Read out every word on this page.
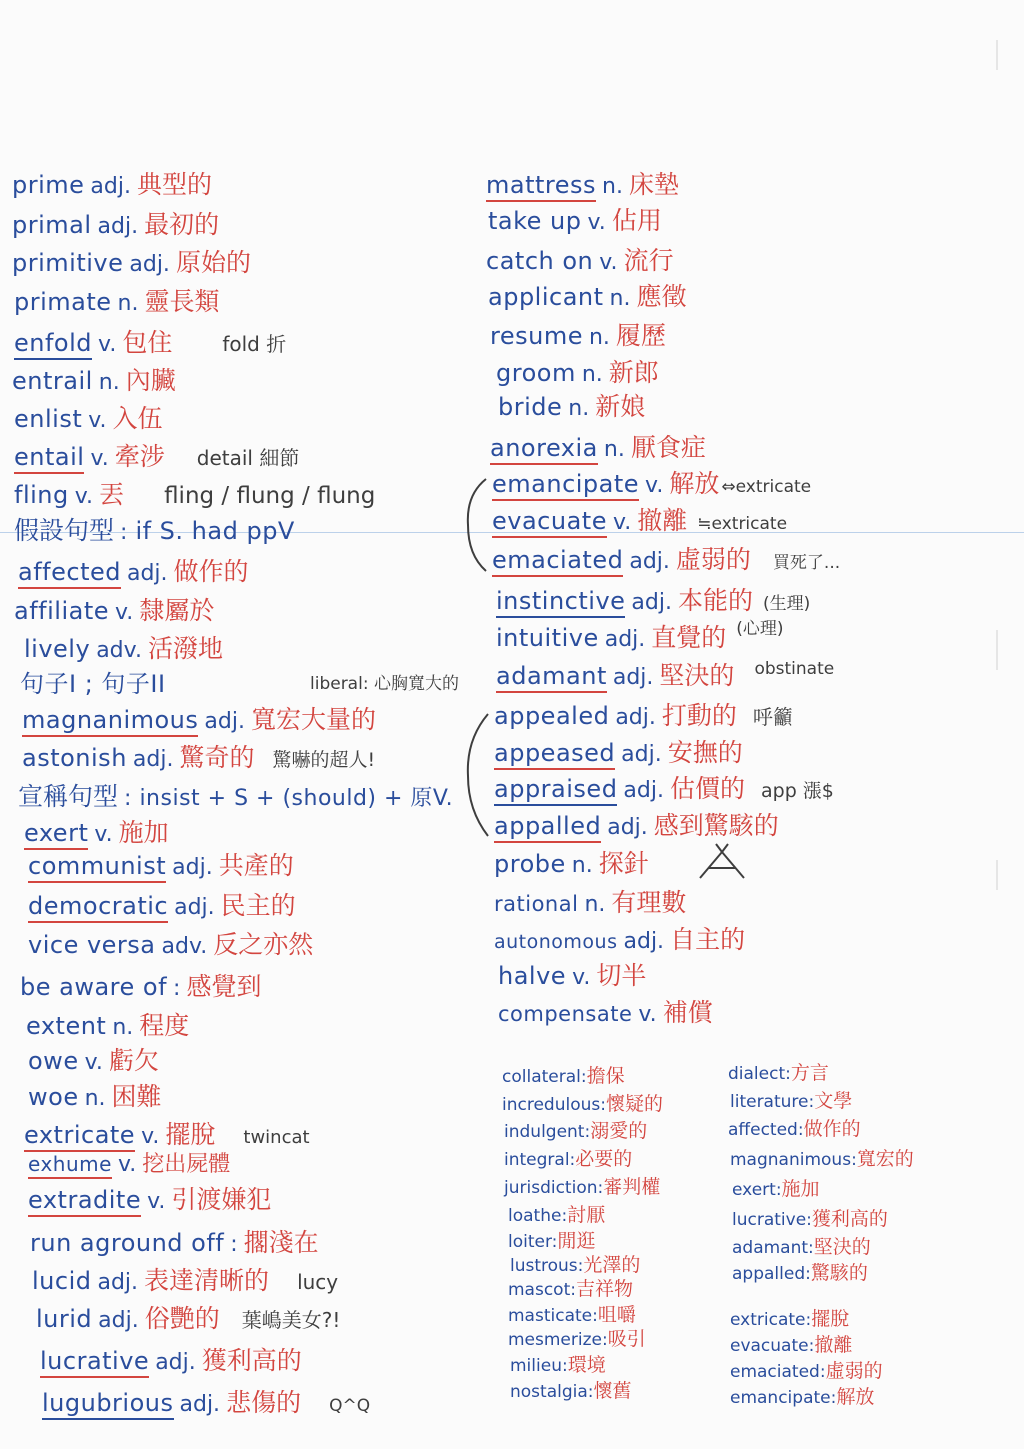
prime adj. 典型的
primal adj. 最初的
primitive adj. 原始的
primate n. 靈長類
enfold v. 包住	fold 折
entrail n. 內臟
enlist v. 入伍
entail v. 牽涉 detail 細節
fling v. 丟 fling / flung / flung
假設句型 : if S. had ppV
affected adj. 做作的
affiliate v. 隸屬於
lively adv. 活潑地
句子I ; 句子II	liberal: 心胸寬大的
magnanimous adj. 寬宏大量的
astonish adj. 驚奇的 驚嚇的超人!
宣稱句型 : insist + S + (should) + 原V.
exert v. 施加
communist adj. 共產的
democratic adj. 民主的
vice versa adv. 反之亦然
be aware of : 感覺到
extent n. 程度
owe v. 虧欠
woe n. 困難
extricate v. 擺脫 twincat
exhume v. 挖出屍體
extradite v. 引渡嫌犯
run aground off : 擱淺在
lucid adj. 表達清晰的 lucy
lurid adj. 俗艷的 葉嶋美女?!
lucrative adj. 獲利高的
lugubrious adj. 悲傷的 Q^Q
mattress n. 床墊
take up v. 佔用
catch on v. 流行
applicant n. 應徵
resume n. 履歷
groom n. 新郎
bride n. 新娘
anorexia n. 厭食症
emancipate v. 解放 ⇔extricate
evacuate v. 撤離 ≒extricate
emaciated adj. 虛弱的 買死了...
instinctive adj. 本能的 (生理)
intuitive adj. 直覺的 (心理)
adamant adj. 堅決的 obstinate
appealed adj. 打動的 呼籲
appeased adj. 安撫的
appraised adj. 估價的 app 漲$
appalled adj. 感到驚駭的
probe n. 探針
rational n. 有理數
autonomous adj. 自主的
halve v. 切半
compensate v. 補償
collateral:擔保
incredulous:懷疑的
indulgent:溺愛的
integral:必要的
jurisdiction:審判權
loathe:討厭
loiter:閒逛
lustrous:光澤的
mascot:吉祥物
masticate:咀嚼
mesmerize:吸引
milieu:環境
nostalgia:懷舊
dialect:方言
literature:文學
affected:做作的
magnanimous:寬宏的
exert:施加
lucrative:獲利高的
adamant:堅決的
appalled:驚駭的
extricate:擺脫
evacuate:撤離
emaciated:虛弱的
emancipate:解放
